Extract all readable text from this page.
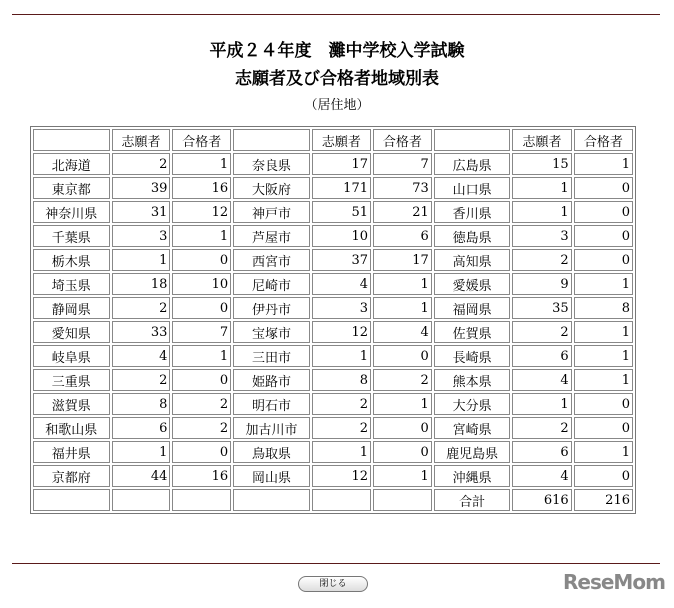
平成２４年度　灘中学校入学試験
志願者及び合格者地域別表
（居住地）
	志願者	合格者		志願者	合格者		志願者	合格者
北海道	2	1	奈良県	17	7	広島県	15	1
東京都	39	16	大阪府	171	73	山口県	1	0
神奈川県	31	12	神戸市	51	21	香川県	1	0
千葉県	3	1	芦屋市	10	6	徳島県	3	0
栃木県	1	0	西宮市	37	17	高知県	2	0
埼玉県	18	10	尼崎市	4	1	愛媛県	9	1
静岡県	2	0	伊丹市	3	1	福岡県	35	8
愛知県	33	7	宝塚市	12	4	佐賀県	2	1
岐阜県	4	1	三田市	1	0	長崎県	6	1
三重県	2	0	姫路市	8	2	熊本県	4	1
滋賀県	8	2	明石市	2	1	大分県	1	0
和歌山県	6	2	加古川市	2	0	宮崎県	2	0
福井県	1	0	鳥取県	1	0	鹿児島県	6	1
京都府	44	16	岡山県	12	1	沖縄県	4	0
						合計	616	216
閉じる	ReseMom
